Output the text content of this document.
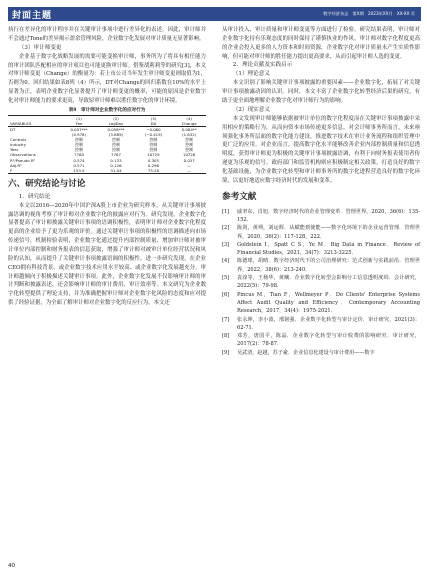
封面主题	数字经济杂志　第X期　2023年XX月　XX-XX 页

执行在差异化的审计程序并在关键审计事项中进行差异化的表述。因此，审计师并不会通过Tone的差异揭示盈余管理风险，企业数字化发展对审计质量无显著影响。

（3）审计师变更

企业基于数字化战略发展的需要可能变换审计师，事务所为了将具有相任能力的审计团队匹配相应的审计项目也可能更换审计师。借鉴胡莉莉等的研究[3]，本文对审计师变更（Change）的衡量为：若上市公司当年发生审计师变更则取值为1，否则为0。回归结果如表8列（4）所示，DT对Change的回归系数在10%的水平上显著为正，表明企业数字化显著提升了审计师变更的概率，可能的原因是企业数字化对审计师能力的要求更高，导致原审计师难以胜任数字化的审计环境。

表8　审计师对企业数字化的应对行为
	(1)	(2)	(3)	(4)
VARIABLES	Fee	LagDay	DA	Change
DT	0.057***	0.058***	−0.060	0.084**
	(4.978)	(3.889)	(−0.419)	(1.832)
Controls	控制	控制	控制	控制
Industry	控制	控制	控制	控制
Year	控制	控制	控制	控制
Observations	7760	7767	10729	10728
R²/Pseudo R²	0.574	0.133	0.305	0.037
Adj.R²	0.571	0.126	0.296	—
F	153.5	31.04	75.28	—
六、研究结论与讨论
1．研究结论

本文以2016—2020年中国沪深A股上市企业为研究样本，从关键审计事项披露语调的视角考察了审计师对企业数字化的披露应对行为。研究发现，企业数字化显著提高了审计师披露关键审计事项的语调积极性，表明审计师对企业数字化程度更高的企业给予了更为乐观的评价。通过关键审计事项的积极性的语调描述向市场传递信号，机制检验表明，企业数字化通过提升内部控制质量、增加审计师对被审计单位内部控制和财务报表的信息获取，增强了审计师对被审计单位经营状况和风险的认知，从而提升了关键审计事项披露语调的积极性。进一步研究发现，在企业CEO拥有科技背景、或企业数字技术应用水平较高、或企业数字化发展越充分，审计师越倾向于积极描述关键审计事项。此外，企业数字化发展不仅影响审计师的审计判断和披露表述，还会影响审计师的审计费用、审计效率等。本文研究为企业数字化转型提供了理论支持，并为准确把握审计师对企业数字化风险的态度和应对提供了经验证据，为全面了解审计师对企业数字化的反应行为。本文还

从审计投入、审计质量和审计师变更等方面进行了检验。研究结果表明，审计师对企业数字化持有乐观态度的同时保持了谨慎执业的作风，审计师对数字化程度更高的企业会投入更多的人力资本和时间资源，企业数字化对审计质量未产生实质性影响，但可能对审计师的胜任能力提出更高要求，从而引起审计师人选的变更。

2．理论贡献及实践启示
（1）理论意义

本文识别了影响关键审计事项披露的重要因素——企业数字化，拓展了对关键审计事项披露动因的认识。同时，本文丰富了企业数字化转型经济后果的研究，有助于更全面地理解企业数字化对审计师行为的影响。

（2）现实意义

本文发现审计师能够依据被审计单位的数字化程度而在关键审计事项披露中采用相应的策略行为，从而向资本市场传递更多信息。对会计师事务所而言，未来亟须强化事务所层面的数字化能力建设，推进数字技术在审计业务流程和组织管理中更广泛的应用。对企业而言，提高数字化水平能够改善企业内部控制质量和信息透明度，获得审计师更为积极的关键审计事项披露语调，有利于向财务报表使用者传递更为乐观的信号。政府部门和监管机构则应积极制定相关政策，打造良好的数字化基础设施，为企业数字化转型和审计师事务所的数字化进程营造良好的数字化环境，以更好地适应数字经济时代的发展和变革。

参考文献
[1]	戚聿东，肖旭．数字经济时代的企业管理变革．管理世界，2020，36(6)：135-152．
[2]	陈剑，黄朔，刘运辉．从赋能到使能——数字化环境下的企业运营管理．管理世界，2020，36(2)：117-128，222．
[3]	Goldstein I，Spatt C S，Ye M．Big Data in Finance．Review of Financial Studies，2021，34(7)：3213-3225．
[4]	陈德球，胡晴．数字经济时代下的公司治理研究：范式创新与实践前沿．管理世界，2022，38(6)：213-240．
[5]	袁淳等，王杨华，黄曦．企业数字化转型会影响分工信息透明度吗．会计研究，2022(5)：79-98．
[6]	Pincus M，Tian F，Wellmeyer P．Do Clients' Enterprise Systems Affect Audit Quality and Efficiency．Contemporary Accounting Research，2017，34(4)：1975-2021．
[7]	张永坤，李小波，邢铭强．企业数字化转型与审计定价．审计研究，2021(3)：62-71．
[8]	邓芳，唐国平，陈晶．企业数字化转型与审计收费的影响研究．审计研究，2017(2)：78-87．
[9]	吴武清，赵越，苏子豪．企业信息化建设与审计费用——数字
40
